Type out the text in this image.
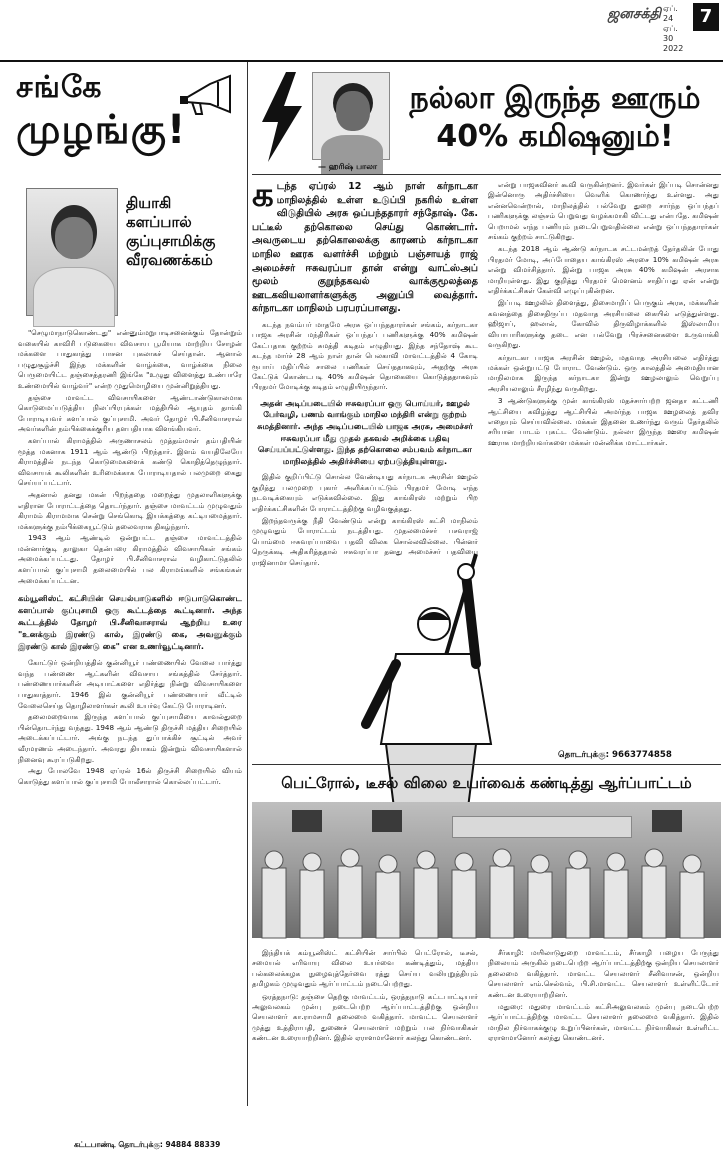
ஜனசக்தி ஏப். 24
ஏப். 30
2022
7
சங்கே
முழங்கு!
தியாகி களப்பால் குப்புசாமிக்கு வீரவணக்கம்

"செழுமாநாடுகொண்டது" என்னும்மறுபாடிசனைக்கும் தோன்றும் வகையில் காவிரி படுகையை விவசாய பூமியாக மாற்றிய சோழன் மக்களை பாதுகாத்து பாசன புகலாகச் செய்தான். ஆனால் பழுதுசூழ்ச்சி இந்த மக்களின் வாழ்க்கை, வாழ்க்கை நிலை பெருமையிட்ட தஞ்சைத்தரணி இங்கே "உழுது விளைத்து உண்பாரே உண்மையில் வாழ்வர்" என்ற முதுமொழியை முன்னிறுத்தியது.

தஞ்சை மாவட்ட விவசாயிகளை ஆண்டாண்டுகாலமாக கொடுமைப்படுத்திய நிலப்பிரபுக்கள் மத்தியில் ஆயுதம் தாங்கி போராடியவர் களப்பால் குப்புசாமி. அவர் தோழர் பி.சீனிவாசராவ் அவர்களின் நம்பிக்கைக்குரிய தளபதியாக விளங்கியவர்.

களப்பால் கிராமத்தில் அருணாசலம் முத்தம்மாள் தம்பதியின் மூத்த மகனாக 1911 ஆம் ஆண்டு பிறந்தார். இளம் வயதிலேயே கிராமத்தில் நடந்த கொடுமைகளைக் கண்டு கொதித்தெழுந்தார். விவசாயக் கூலிகளின் உரிமைக்காக போராடியதால் பலமுறை கைது செய்யப்பட்டார்.

அதனால் தனது மகன் பிறந்ததை மறைத்து முதலாளிகளுக்கு எதிரான போராட்டத்தை தொடர்ந்தார். தஞ்சை மாவட்டம் முழுவதும் கிராமம் கிராமமாக சென்று செங்கொடி இயக்கத்தை கட்டியமைத்தார். மக்களுக்கு நம்பிக்கையூட்டும் தலைவராக திகழ்ந்தார்.

1943 ஆம் ஆண்டில் ஒன்றுபட்ட தஞ்சை மாவட்டத்தில் மன்னார்குடி தாலுகா தென்பரை கிராமத்தில் விவசாயிகள் சங்கம் அமைக்கப்பட்டது. தோழர் பி.சீனிவாசராவ் வழிகாட்டுதலில் களப்பால் குப்புசாமி தலைமையில் பல கிராமங்களில் சங்கங்கள் அமைக்கப்பட்டன.

கம்யூனிஸ்ட் கட்சியின் செயல்பாடுகளில் ஈடுபாடுகொண்ட களப்பால் குப்புசாமி ஒரு கூட்டத்தை கூட்டினார். அந்த கூட்டத்தில் தோழர் பி.சீனிவாசராவ் ஆற்றிய உரை "உனக்கும் இரண்டு கால், இரண்டு கை, அவனுக்கும் இரண்டு கால் இரண்டு கை" என உணர்வூட்டினார்.

கோட்டுர் ஒன்றியத்தில் குன்னியூர் பண்ணையில் வேலை பார்த்து வந்த பண்ணை ஆட்களின் விவசாய சங்கத்தில் சேர்த்தார். பண்ணையார்களின் அடியாட்களை எதிர்த்து நின்று விவசாயிகளை பாதுகாத்தார். 1946 இல் குன்னியூர் பண்ணையார் வீட்டில் வேலைசெய்த தொழிலாளர்கள் கூலி உயர்வு கேட்டு போராடினர்.

தலைமறைவாக இருந்த களப்பால் குப்புசாமியை காவல்துறை பின்தொடர்ந்து வந்தது. 1948 ஆம் ஆண்டு திருச்சி மத்திய சிறையில் அடைக்கப்பட்டார். அங்கு நடந்த துப்பாக்கிச் சூட்டில் அவர் வீரமரணம் அடைந்தார். அவரது தியாகம் இன்றும் விவசாயிகளால் நினைவு கூரப்படுகிறது.

அது போலவே 1948 ஏப்ரல் 16ல் திருச்சி சிறையில் வியம் கொடுத்து களப்பால் குப்புசாமி போலீசாரால் கொல்லப்பட்டார்.

கட்டபாண்டி தொடர்புக்கு: 94884 88339
— ஹரிஷ் பாலா
நல்லா இருந்த ஊரும்
40% கமிஷனும்!
க டந்த ஏப்ரல் 12 ஆம் நாள் கர்நாடகா மாநிலத்தில் உள்ள உடுப்பி நகரில் உள்ள விடுதியில் அரசு ஒப்பந்ததாரர் சந்தோஷ். கே. பட்டீல் தற்கொலை செய்து கொண்டார். அவருடைய தற்கொலைக்கு காரணம் கர்நாடகா மாநில ஊரக வளர்ச்சி மற்றும் பஞ்சாயத் ராஜ் அமைச்சர் ஈசுவரப்பா தான் என்று வாட்ஸ்அப் மூலம் குறுந்தகவல் வாக்குமூலத்தை ஊடகவியலாளர்களுக்கு அனுப்பி வைத்தார். கர்நாடகா மாநிலம் பரபரப்பானது.

கடந்த நவம்பர் மாதமே அரசு ஒப்பந்ததாரர்கள் சங்கம், கர்நாடகா பாஜக அரசின் மந்திரிகள் ஒப்பந்தப் பணிகளுக்கு 40% கமிஷன் கேட்பதாக குற்றம் சுமத்தி கடிதம் எழுதியது. இந்த சந்தோஷ் கூட கடந்த மார்ச் 28 ஆம் நாள் தான் பெலகாவி மாவட்டத்தில் 4 கோடி ரூபாய் மதிப்பில் சாலை பணிகள் செய்ததாகவும், அதற்கு அரசு கேட்டுக் கொண்டபடி 40% கமிஷன் தொகையை கொடுத்ததாகவும் பிரதமர் மோடிக்கு கடிதம் எழுதியிருந்தார்.

அதன் அடிப்படையில் ஈசுவரப்பா ஒரு பொய்யர், ஊழல் பேர்வழி, பணம் வாங்கும் மாநில மந்திரி என்று குற்றம் சுமத்தினார். அந்த அடிப்படையில் பாஜக அரசு, அமைச்சர் ஈசுவரப்பா மீது முதல் தகவல் அறிக்கை பதிவு செய்யப்பட்டுள்ளது. இந்த தற்கொலை சம்பவம் கர்நாடகா மாநிலத்தில் அதிர்ச்சியை ஏற்படுத்தியுள்ளது.

இதில் குறிப்பிட்டு சொல்ல வேண்டியது கர்நாடக அரசின் ஊழல் குறித்து பலமுறை புகார் அளிக்கப்பட்டும் பிரதமர் மோடி எந்த நடவடிக்கையும் எடுக்கவில்லை. இது காங்கிரஸ் மற்றும் பிற எதிர்க்கட்சிகளின் போராட்டத்திற்கு வழிவகுத்தது.

இறந்தவருக்கு நீதி வேண்டும் என்று காங்கிரஸ் கட்சி மாநிலம் முழுவதும் போராட்டம் நடத்தியது. முதலமைச்சர் பசவராஜ் பொம்மை ஈசுவரப்பாவை பதவி விலக சொல்லவில்லை. பின்னர் நெருக்கடி அதிகரித்ததால் ஈசுவரப்பா தனது அமைச்சர் பதவியை ராஜினாமா செய்தார்.

என்று பாஜகவினர் கூவி வருகின்றனர். இவர்கள் இப்படி சொன்னது இன்னொரு அதிர்ச்சியை வெளிக் கொணர்ந்து உள்ளது. அது என்னவென்றால், மாநிலத்தில் பல்வேறு துறை சார்ந்த ஒப்பந்தப் பணிகளுக்கு லஞ்சம் பெறுவது வழக்கமாகி விட்டது என்பதே. கமிஷன் பெறாமல் எந்த பணியும் நடைபெறுவதில்லை என்று ஒப்பந்ததாரர்கள் சங்கம் குற்றம் சாட்டுகிறது.

கடந்த 2018 ஆம் ஆண்டு கர்நாடக சட்டமன்றத் தேர்தலின் போது பிரதமர் மோடி, அப்போதைய காங்கிரஸ் அரசை 10% கமிஷன் அரசு என்று விமர்சித்தார். இன்று பாஜக அரசு 40% கமிஷன் அரசாக மாறியுள்ளது. இது குறித்து பிரதமர் மௌனம் சாதிப்பது ஏன் என்று எதிர்க்கட்சிகள் கேள்வி எழுப்புகின்றன.

இப்படி ஊழலில் திளைத்து, திசைமாறிப் பெருகும் அரசு, மக்களின் கவனத்தை திசைதிருப்ப மதவாத அரசியலை கையில் எடுத்துள்ளது. ஹிஜாப், ஹலால், கோவில் திருவிழாக்களில் இஸ்லாமிய வியாபாரிகளுக்கு தடை என பல்வேறு பிரச்சனைகளை உருவாக்கி வருகிறது.

கர்நாடகா பாஜக அரசின் ஊழல், மதவாத அரசியலை எதிர்த்து மக்கள் ஒன்றுபட்டு போராட வேண்டும். ஒரு காலத்தில் அமைதியான மாநிலமாக இருந்த கர்நாடகா இன்று ஊழலாலும் வெறுப்பு அரசியலாலும் சீரழிந்து வருகிறது.

3 ஆண்டுகளுக்கு முன் காங்கிரஸ் மதச்சார்பற்ற ஜனதா கட்டணி ஆட்சியை கவிழ்த்து ஆட்சியில் அமர்ந்த பாஜக ஊழலைத் தவிர எதையும் செய்யவில்லை. மக்கள் இதனை உணர்ந்து வரும் தேர்தலில் சரியான பாடம் புகட்ட வேண்டும். நல்லா இருந்த ஊரை கமிஷன் ஊராக மாற்றியவர்களை மக்கள் மன்னிக்க மாட்டார்கள்.

தொடர்புக்கு: 9663774858
பெட்ரோல், டீசல் விலை உயர்வைக் கண்டித்து ஆர்ப்பாட்டம்

இந்தியக் கம்யூனிஸ்ட் கட்சியின் சார்பில் பெட்ரோல், டீசல், சமையல் எரிவாயு விலை உயர்வை கண்டித்தும், மத்திய பல்கலைக்கழக நுழைவுத்தேர்வை ரத்து செய்ய வலியுறுத்தியும் தமிழகம் முழுவதும் ஆர்ப்பாட்டம் நடைபெற்றது.

ஒரத்தநாடு: தஞ்சை தெற்கு மாவட்டம், ஒரத்தநாடு கட்டபாட்டியார் அலுவலகம் முன்பு நடைபெற்ற ஆர்ப்பாட்டத்திற்கு ஒன்றிய செயலாளர் கா.ராமசாமி தலைமை வகித்தார். மாவட்ட செயலாளர் முத்து உத்திராபதி, துணைச் செயலாளர் மற்றும் பல நிர்வாகிகள் கண்டன உரையாற்றினர். இதில் ஏராளமானோர் கலந்து கொண்டனர்.

சீர்காழி: மயிலாடுதுறை மாவட்டம், சீர்காழி பழைய பேருந்து நிலையம் அருகில் நடைபெற்ற ஆர்ப்பாட்டத்திற்கு ஒன்றிய செயலாளர் தலைமை வகித்தார். மாவட்ட செயலாளர் சீனிவாசன், ஒன்றிய செயலாளர் எம்.செல்வம், பி.சி.மாவட்ட செயலாளர் உள்ளிட்டோர் கண்டன உரையாற்றினர்.

மதுரை: மதுரை மாவட்டம் கட்சிஅலுவலகம் முன்பு நடைபெற்ற ஆர்ப்பாட்டத்திற்கு மாவட்ட செயலாளர் தலைமை வகித்தார். இதில் மாநில நிர்வாகக்குழு உறுப்பினர்கள், மாவட்ட நிர்வாகிகள் உள்ளிட்ட ஏராளமானோர் கலந்து கொண்டனர்.
